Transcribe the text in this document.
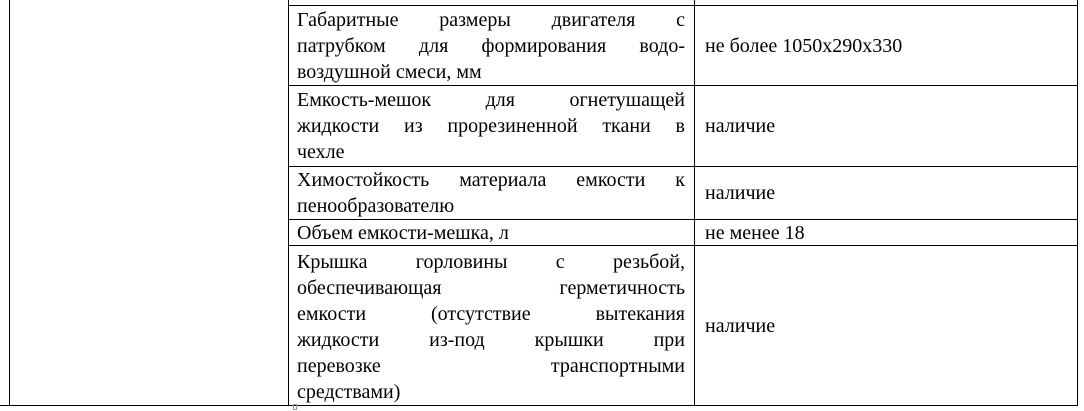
Габаритные размеры двигателя с
патрубком для формирования водо-
воздушной смеси, мм
не более 1050х290х330
Емкость-мешок для огнетушащей
жидкости из прорезиненной ткани в
чехле
наличие
Химостойкость материала емкости к
пенообразователю
наличие
Объем емкости-мешка, л	не менее 18
Крышка горловины с резьбой,
обеспечивающая герметичность
емкости (отсутствие вытекания
жидкости из-под крышки при
перевозке транспортными
средствами)
наличие
